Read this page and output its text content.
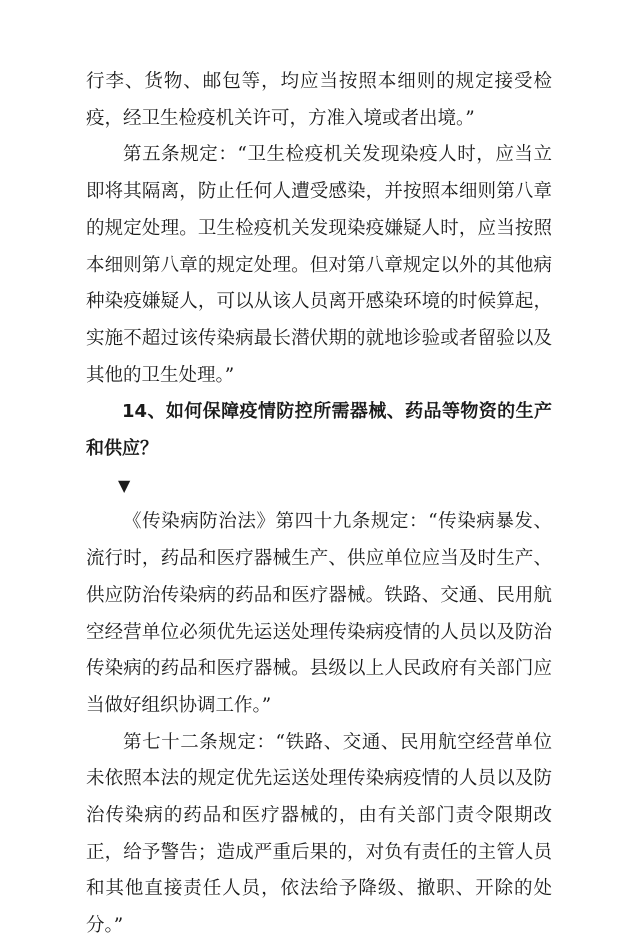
行李、货物、邮包等，均应当按照本细则的规定接受检疫，经卫生检疫机关许可，方准入境或者出境。”

第五条规定：“卫生检疫机关发现染疫人时，应当立即将其隔离，防止任何人遭受感染，并按照本细则第八章的规定处理。卫生检疫机关发现染疫嫌疑人时，应当按照本细则第八章的规定处理。但对第八章规定以外的其他病种染疫嫌疑人，可以从该人员离开感染环境的时候算起，实施不超过该传染病最长潜伏期的就地诊验或者留验以及其他的卫生处理。”

14、如何保障疫情防控所需器械、药品等物资的生产和供应？

▼

《传染病防治法》第四十九条规定：“传染病暴发、流行时，药品和医疗器械生产、供应单位应当及时生产、供应防治传染病的药品和医疗器械。铁路、交通、民用航空经营单位必须优先运送处理传染病疫情的人员以及防治传染病的药品和医疗器械。县级以上人民政府有关部门应当做好组织协调工作。”

第七十二条规定：“铁路、交通、民用航空经营单位未依照本法的规定优先运送处理传染病疫情的人员以及防治传染病的药品和医疗器械的，由有关部门责令限期改正，给予警告；造成严重后果的，对负有责任的主管人员和其他直接责任人员，依法给予降级、撤职、开除的处分。”
